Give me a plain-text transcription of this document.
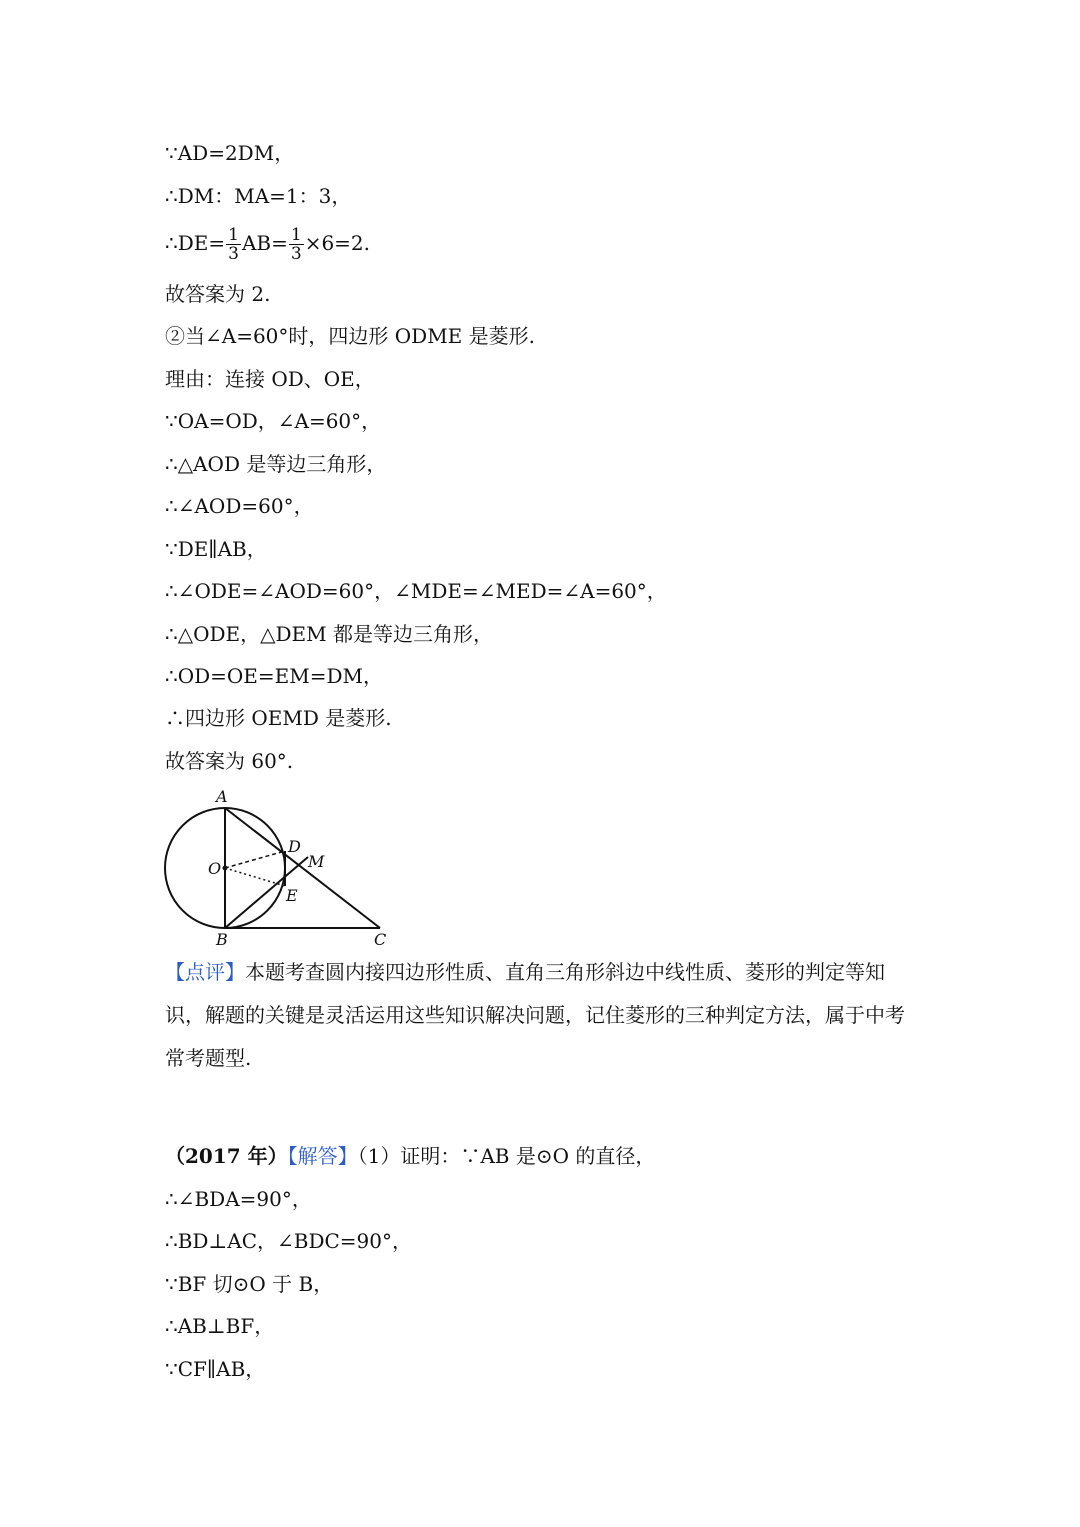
∵AD=2DM，
∴DM：MA=1：3，
∴DE= $\frac{1}{3} AB= \frac{1}{3} \times 6=2$.
故答案为 2.
②当∠A=60°时，四边形 ODME 是菱形.
理由：连接 OD、OE，
∵OA=OD，∠A=60°，
∴△AOD 是等边三角形，
∴∠AOD=60°，
∵DE∥AB，
∴∠ODE=∠AOD=60°，∠MDE=∠MED=∠A=60°，
∴△ODE，△DEM 都是等边三角形，
∴OD=OE=EM=DM，
∴四边形 OEMD 是菱形.
故答案为 60°.
A
O
D
M
E
B	C
【点评】本题考查圆内接四边形性质、直角三角形斜边中线性质、菱形的判定等知识，解题的关键是灵活运用这些知识解决问题，记住菱形的三种判定方法，属于中考常考题型.
（2017 年）【解答】（1）证明：∵AB 是⊙O 的直径，
∴∠BDA=90°，
∴BD⊥AC，∠BDC=90°，
∵BF 切⊙O 于 B，
∴AB⊥BF，
∵CF∥AB，
